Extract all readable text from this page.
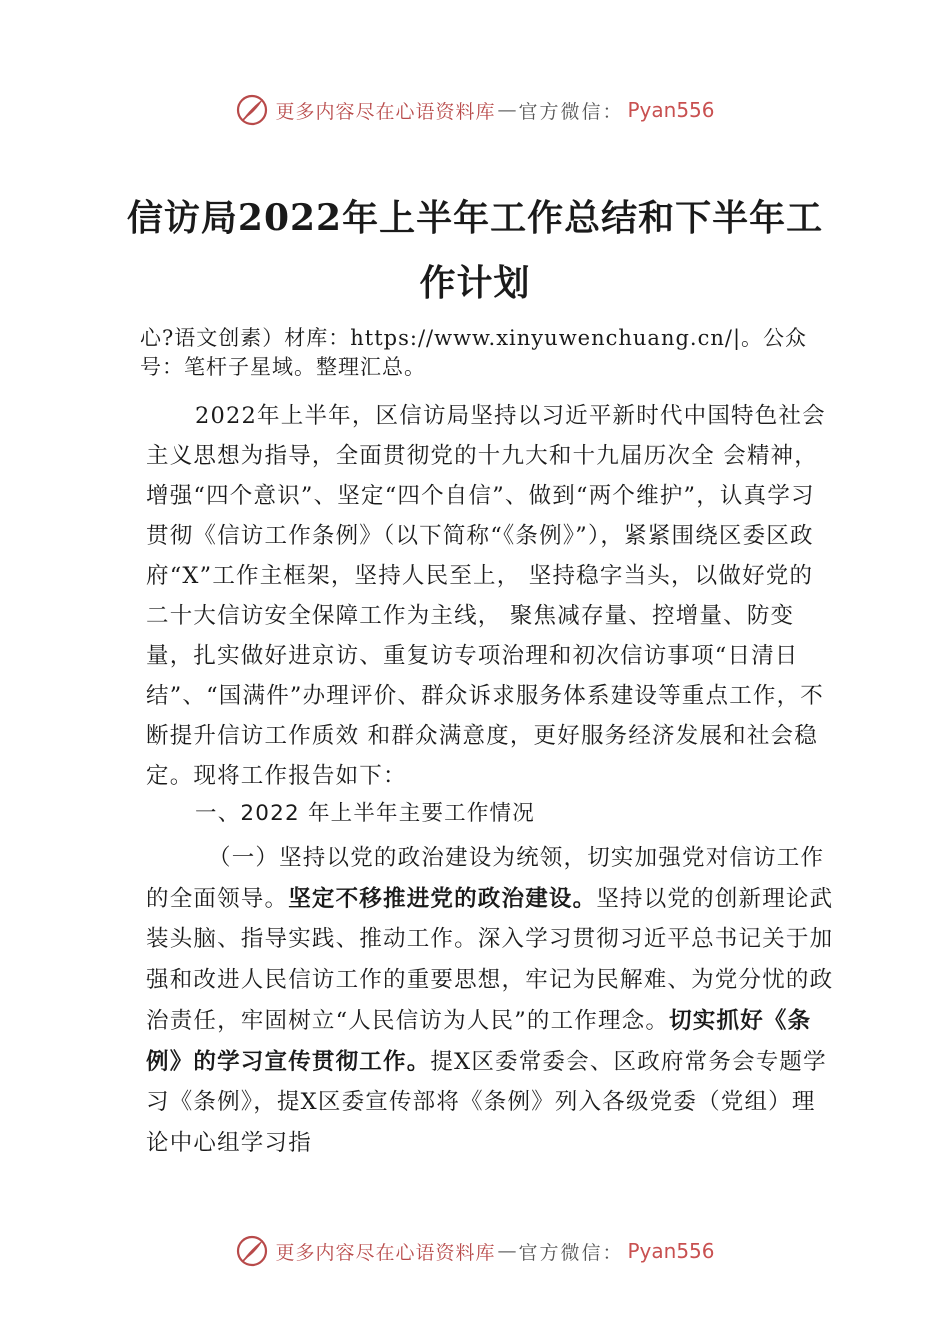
更多内容尽在心语资料库 — 官方微信： Pyan556
信访局2022年上半年工作总结和下半年工
作计划
心?语文创素）材库：https://www.xinyuwenchuang.cn/|。公众号：笔杆子星域。整理汇总。

2022年上半年，区信访局坚持以习近平新时代中国特色社会主义思想为指导，全面贯彻党的十九大和十九届历次全 会精神，增强“四个意识”、坚定“四个自信”、做到“两个维护”，认真学习贯彻《信访工作条例》（以下简称“《条例》”），紧紧围绕区委区政府“X”工作主框架，坚持人民至上， 坚持稳字当头，以做好党的二十大信访安全保障工作为主线， 聚焦减存量、控增量、防变量，扎实做好进京访、重复访专项治理和初次信访事项“日清日结”、“国满件”办理评价、群众诉求服务体系建设等重点工作，不断提升信访工作质效 和群众满意度，更好服务经济发展和社会稳定。现将工作报告如下：

一、2022 年上半年主要工作情况

（一）坚持以党的政治建设为统领，切实加强党对信访工作的全面领导。坚定不移推进党的政治建设。坚持以党的创新理论武装头脑、指导实践、推动工作。深入学习贯彻习近平总书记关于加强和改进人民信访工作的重要思想，牢记为民解难、为党分忧的政治责任，牢固树立“人民信访为人民”的工作理念。切实抓好《条例》的学习宣传贯彻工作。提X区委常委会、区政府常务会专题学习《条例》，提X区委宣传部将《条例》列入各级党委（党组）理论中心组学习指

更多内容尽在心语资料库 — 官方微信： Pyan556
